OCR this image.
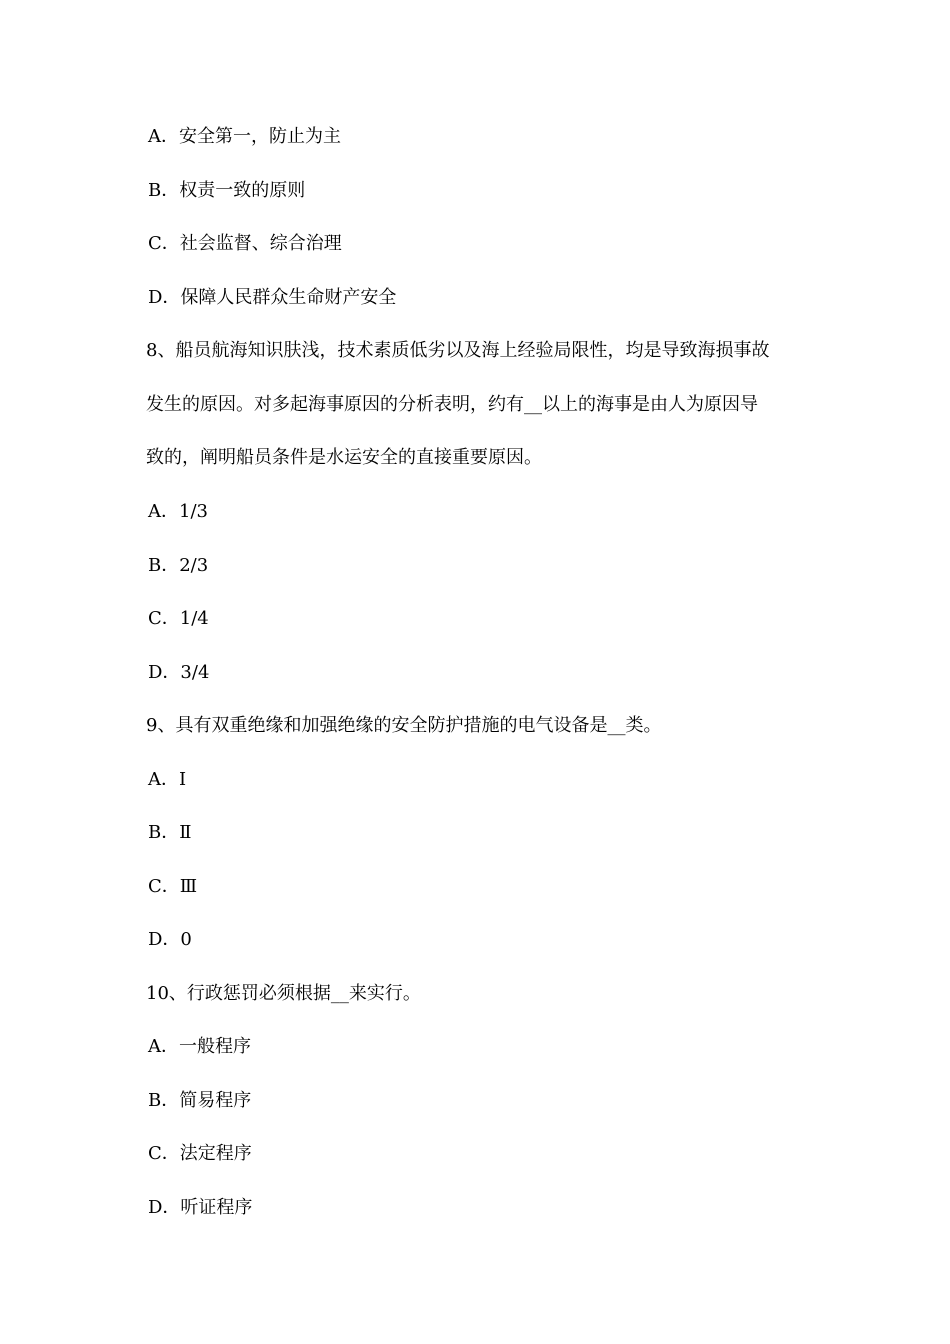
A．安全第一，防止为主
B．权责一致的原则
C．社会监督、综合治理
D．保障人民群众生命财产安全
8、船员航海知识肤浅，技术素质低劣以及海上经验局限性，均是导致海损事故
发生的原因。对多起海事原因的分析表明，约有__以上的海事是由人为原因导
致的，阐明船员条件是水运安全的直接重要原因。
A．1/3
B．2/3
C．1/4
D．3/4
9、具有双重绝缘和加强绝缘的安全防护措施的电气设备是__类。
A．Ⅰ
B．Ⅱ
C．Ⅲ
D．0
10、行政惩罚必须根据__来实行。
A．一般程序
B．简易程序
C．法定程序
D．听证程序
